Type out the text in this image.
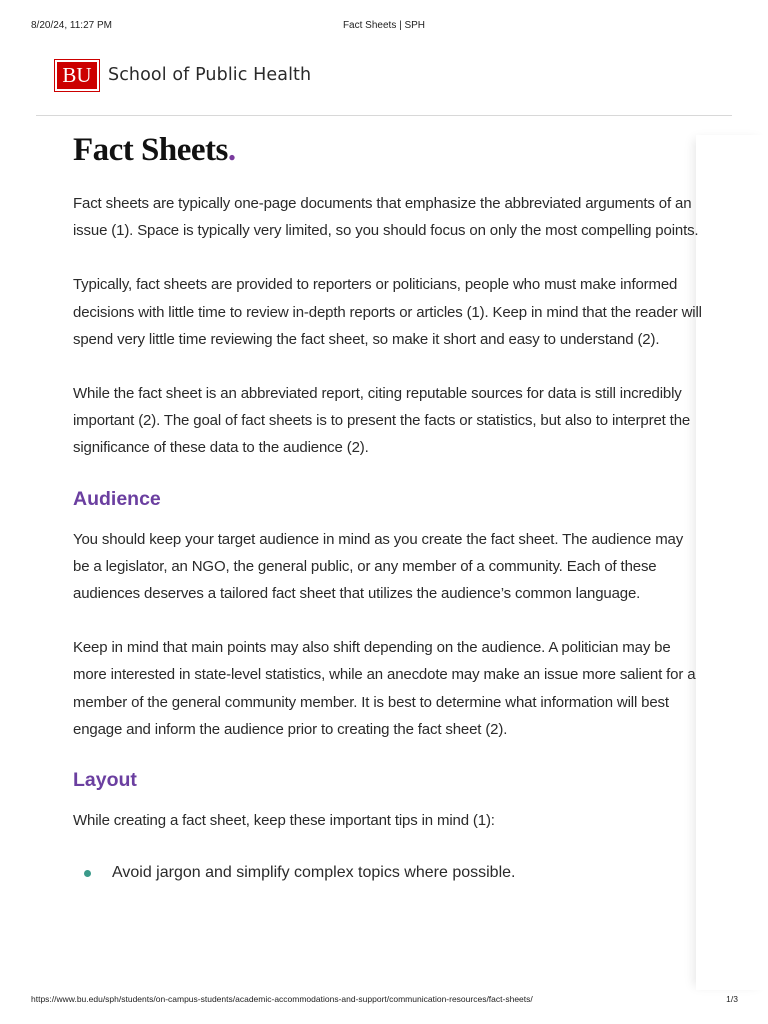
8/20/24, 11:27 PM	Fact Sheets | SPH
BU School of Public Health
Fact Sheets.

Fact sheets are typically one-page documents that emphasize the abbreviated arguments of an issue (1). Space is typically very limited, so you should focus on only the most compelling points.

Typically, fact sheets are provided to reporters or politicians, people who must make informed decisions with little time to review in-depth reports or articles (1). Keep in mind that the reader will spend very little time reviewing the fact sheet, so make it short and easy to understand (2).

While the fact sheet is an abbreviated report, citing reputable sources for data is still incredibly important (2). The goal of fact sheets is to present the facts or statistics, but also to interpret the significance of these data to the audience (2).

Audience

You should keep your target audience in mind as you create the fact sheet. The audience may be a legislator, an NGO, the general public, or any member of a community. Each of these audiences deserves a tailored fact sheet that utilizes the audience’s common language.

Keep in mind that main points may also shift depending on the audience. A politician may be more interested in state-level statistics, while an anecdote may make an issue more salient for a member of the general community member. It is best to determine what information will best engage and inform the audience prior to creating the fact sheet (2).

Layout

While creating a fact sheet, keep these important tips in mind (1):

Avoid jargon and simplify complex topics where possible.
https://www.bu.edu/sph/students/on-campus-students/academic-accommodations-and-support/communication-resources/fact-sheets/	1/3
